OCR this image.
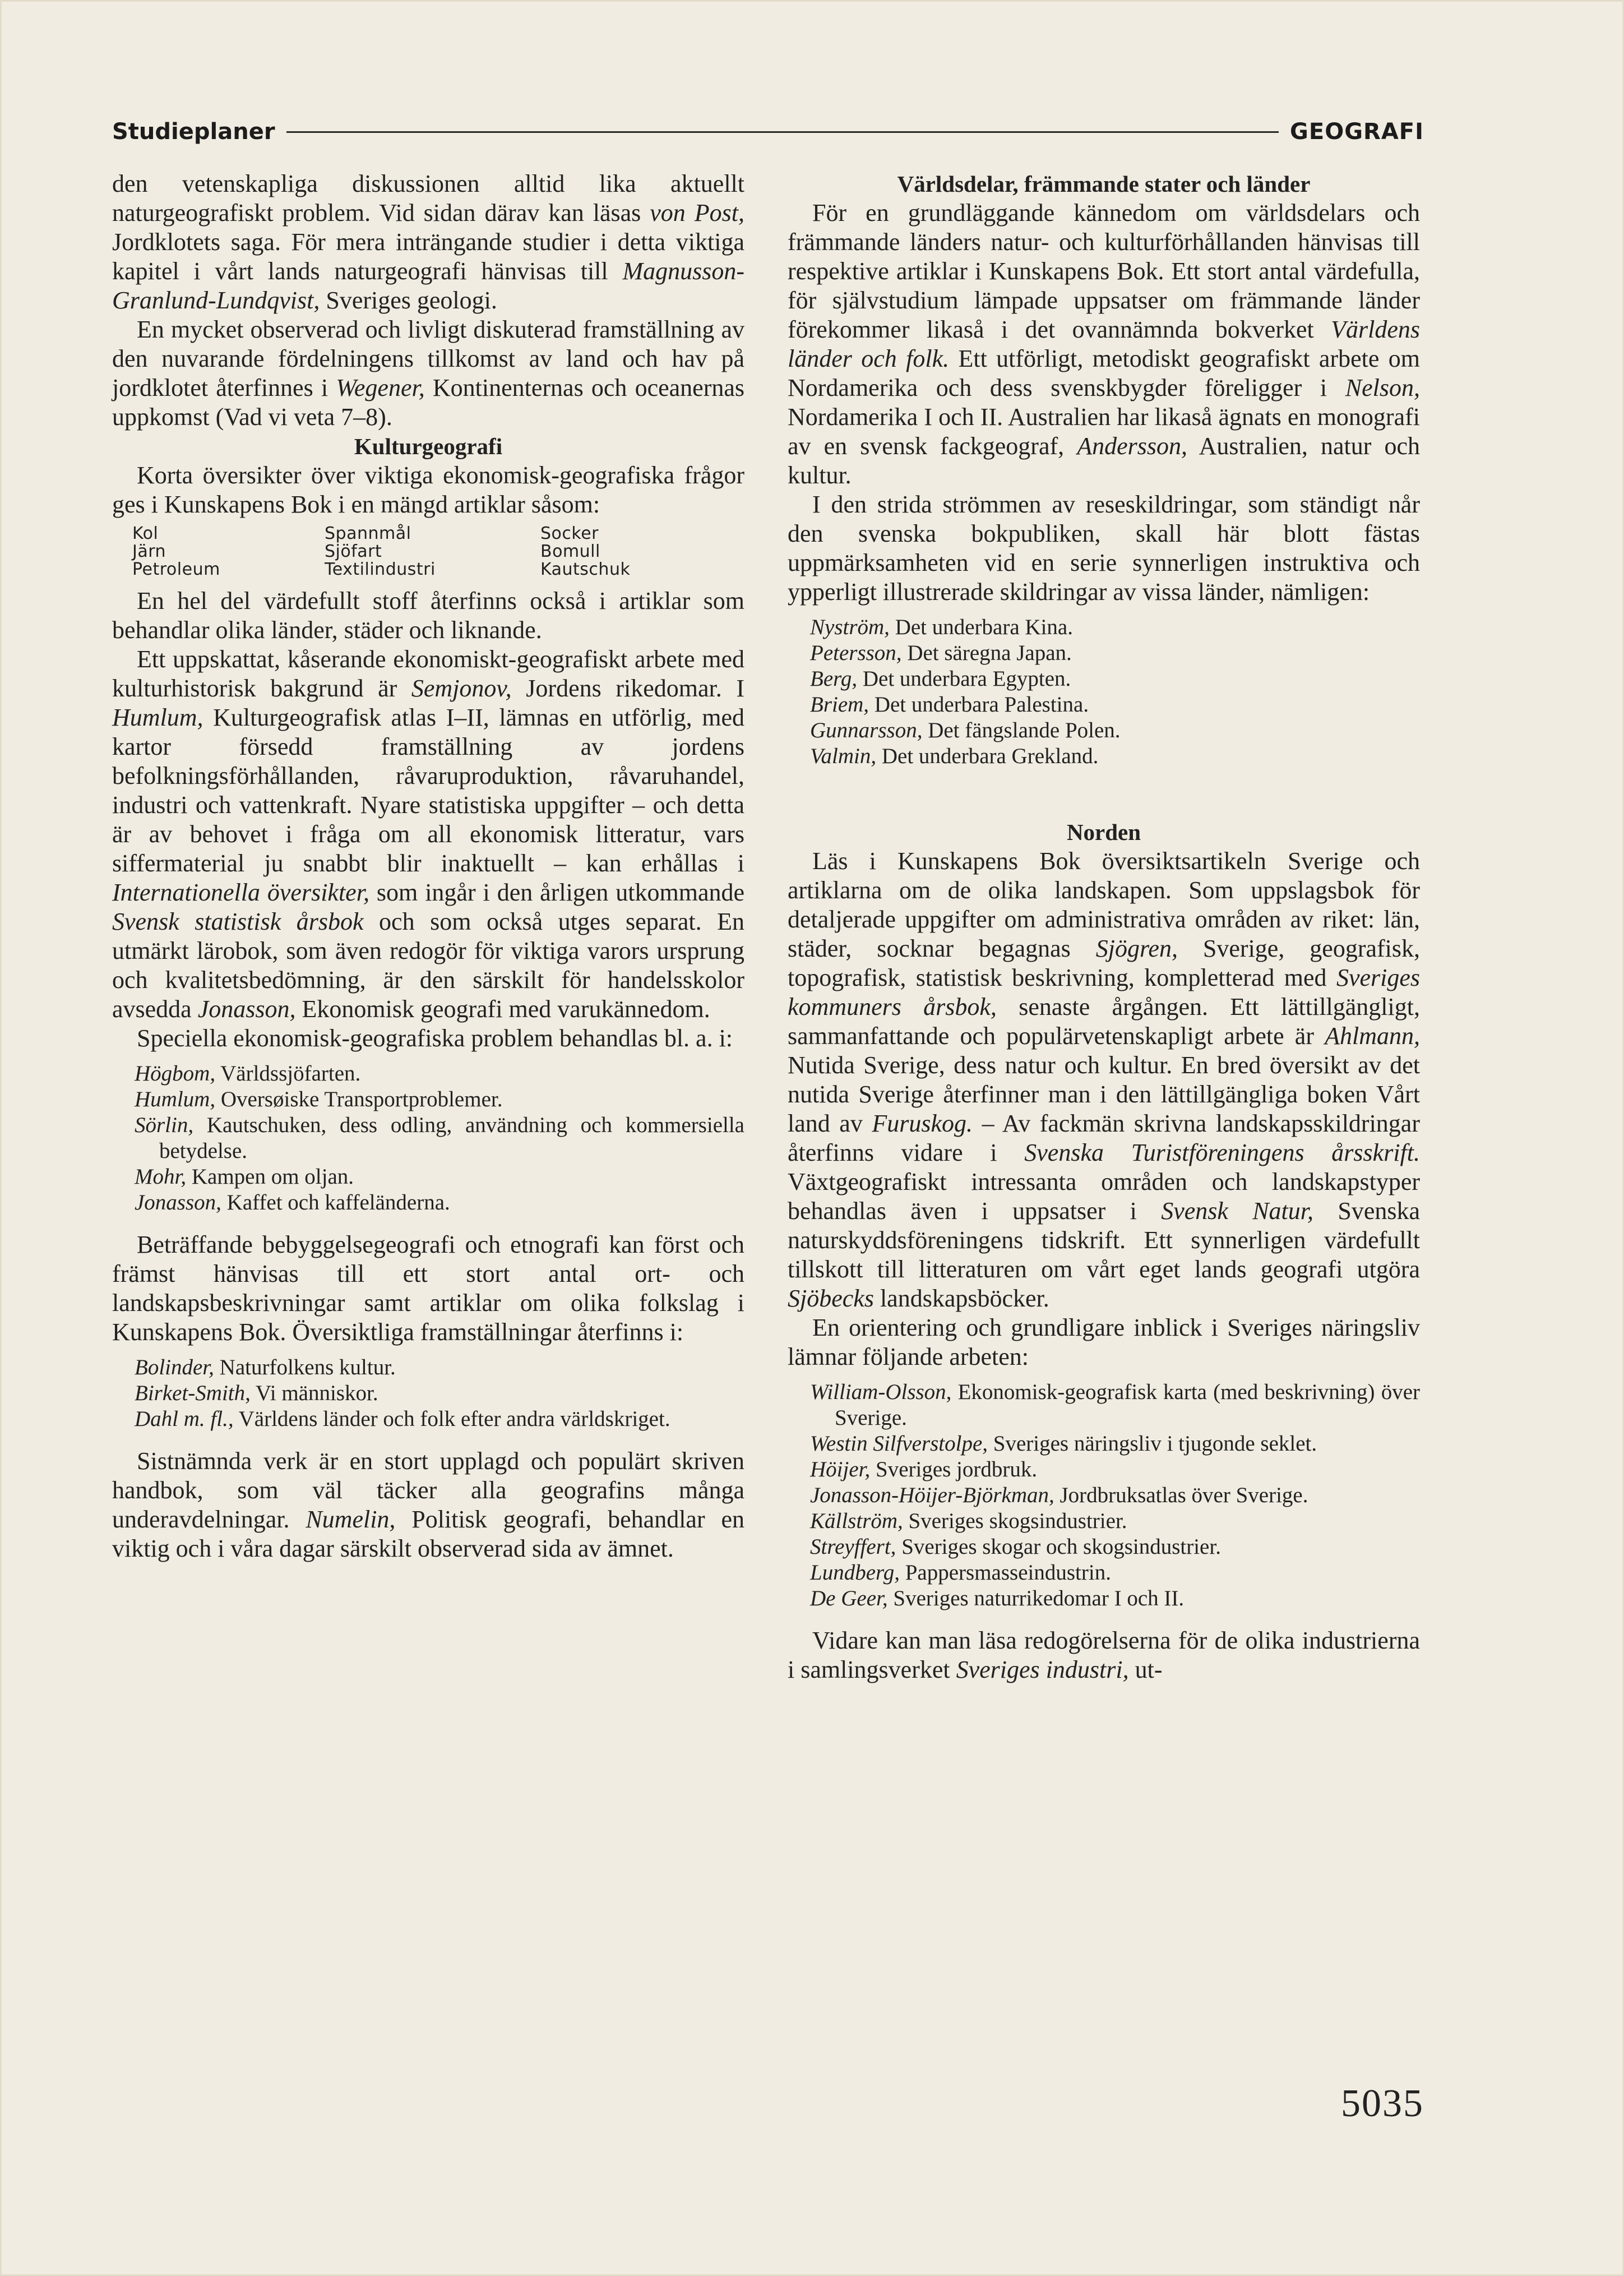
Studieplaner	GEOGRAFI

den vetenskapliga diskussionen alltid lika aktuellt naturgeografiskt problem. Vid sidan därav kan läsas von Post, Jordklotets saga. För mera inträngande studier i detta viktiga kapitel i vårt lands naturgeografi hänvisas till Magnusson-Granlund-Lundqvist, Sveriges geologi.

En mycket observerad och livligt diskuterad framställning av den nuvarande fördelningens tillkomst av land och hav på jordklotet återfinnes i Wegener, Kontinenternas och oceanernas uppkomst (Vad vi veta 7–8).

Kulturgeografi

Korta översikter över viktiga ekonomisk-geografiska frågor ges i Kunskapens Bok i en mängd artiklar såsom:

Kol	Spannmål	Socker
Järn	Sjöfart	Bomull
Petroleum	Textilindustri	Kautschuk

En hel del värdefullt stoff återfinns också i artiklar som behandlar olika länder, städer och liknande.

Ett uppskattat, kåserande ekonomiskt-geografiskt arbete med kulturhistorisk bakgrund är Semjonov, Jordens rikedomar. I Humlum, Kulturgeografisk atlas I–II, lämnas en utförlig, med kartor försedd framställning av jordens befolkningsförhållanden, råvaruproduktion, råvaruhandel, industri och vattenkraft. Nyare statistiska uppgifter – och detta är av behovet i fråga om all ekonomisk litteratur, vars siffermaterial ju snabbt blir inaktuellt – kan erhållas i Internationella översikter, som ingår i den årligen utkommande Svensk statistisk årsbok och som också utges separat. En utmärkt lärobok, som även redogör för viktiga varors ursprung och kvalitetsbedömning, är den särskilt för handelsskolor avsedda Jonasson, Ekonomisk geografi med varukännedom.

Speciella ekonomisk-geografiska problem behandlas bl. a. i:

Högbom, Världssjöfarten.

Humlum, Oversøiske Transportproblemer.

Sörlin, Kautschuken, dess odling, användning och kommersiella betydelse.

Mohr, Kampen om oljan.

Jonasson, Kaffet och kaffeländerna.

Beträffande bebyggelsegeografi och etnografi kan först och främst hänvisas till ett stort antal ort- och landskapsbeskrivningar samt artiklar om olika folkslag i Kunskapens Bok. Översiktliga framställningar återfinns i:

Bolinder, Naturfolkens kultur.

Birket-Smith, Vi människor.

Dahl m. fl., Världens länder och folk efter andra världskriget.

Sistnämnda verk är en stort upplagd och populärt skriven handbok, som väl täcker alla geografins många underavdelningar. Numelin, Politisk geografi, behandlar en viktig och i våra dagar särskilt observerad sida av ämnet.

Världsdelar, främmande stater och länder

För en grundläggande kännedom om världsdelars och främmande länders natur- och kulturförhållanden hänvisas till respektive artiklar i Kunskapens Bok. Ett stort antal värdefulla, för självstudium lämpade uppsatser om främmande länder förekommer likaså i det ovannämnda bokverket Världens länder och folk. Ett utförligt, metodiskt geografiskt arbete om Nordamerika och dess svenskbygder föreligger i Nelson, Nordamerika I och II. Australien har likaså ägnats en monografi av en svensk fackgeograf, Andersson, Australien, natur och kultur.

I den strida strömmen av reseskildringar, som ständigt når den svenska bokpubliken, skall här blott fästas uppmärksamheten vid en serie synnerligen instruktiva och ypperligt illustrerade skildringar av vissa länder, nämligen:

Nyström, Det underbara Kina.

Petersson, Det säregna Japan.

Berg, Det underbara Egypten.

Briem, Det underbara Palestina.

Gunnarsson, Det fängslande Polen.

Valmin, Det underbara Grekland.

Norden

Läs i Kunskapens Bok översiktsartikeln Sverige och artiklarna om de olika landskapen. Som uppslagsbok för detaljerade uppgifter om administrativa områden av riket: län, städer, socknar begagnas Sjögren, Sverige, geografisk, topografisk, statistisk beskrivning, kompletterad med Sveriges kommuners årsbok, senaste årgången. Ett lättillgängligt, sammanfattande och populärvetenskapligt arbete är Ahlmann, Nutida Sverige, dess natur och kultur. En bred översikt av det nutida Sverige återfinner man i den lättillgängliga boken Vårt land av Furuskog. – Av fackmän skrivna landskapsskildringar återfinns vidare i Svenska Turistföreningens årsskrift. Växtgeografiskt intressanta områden och landskapstyper behandlas även i uppsatser i Svensk Natur, Svenska naturskyddsföreningens tidskrift. Ett synnerligen värdefullt tillskott till litteraturen om vårt eget lands geografi utgöra Sjöbecks landskapsböcker.

En orientering och grundligare inblick i Sveriges näringsliv lämnar följande arbeten:

William-Olsson, Ekonomisk-geografisk karta (med beskrivning) över Sverige.

Westin Silfverstolpe, Sveriges näringsliv i tjugonde seklet.

Höijer, Sveriges jordbruk.

Jonasson-Höijer-Björkman, Jordbruksatlas över Sverige.

Källström, Sveriges skogsindustrier.

Streyffert, Sveriges skogar och skogsindustrier.

Lundberg, Pappersmasseindustrin.

De Geer, Sveriges naturrikedomar I och II.

Vidare kan man läsa redogörelserna för de olika industrierna i samlingsverket Sveriges industri, ut-

5035
